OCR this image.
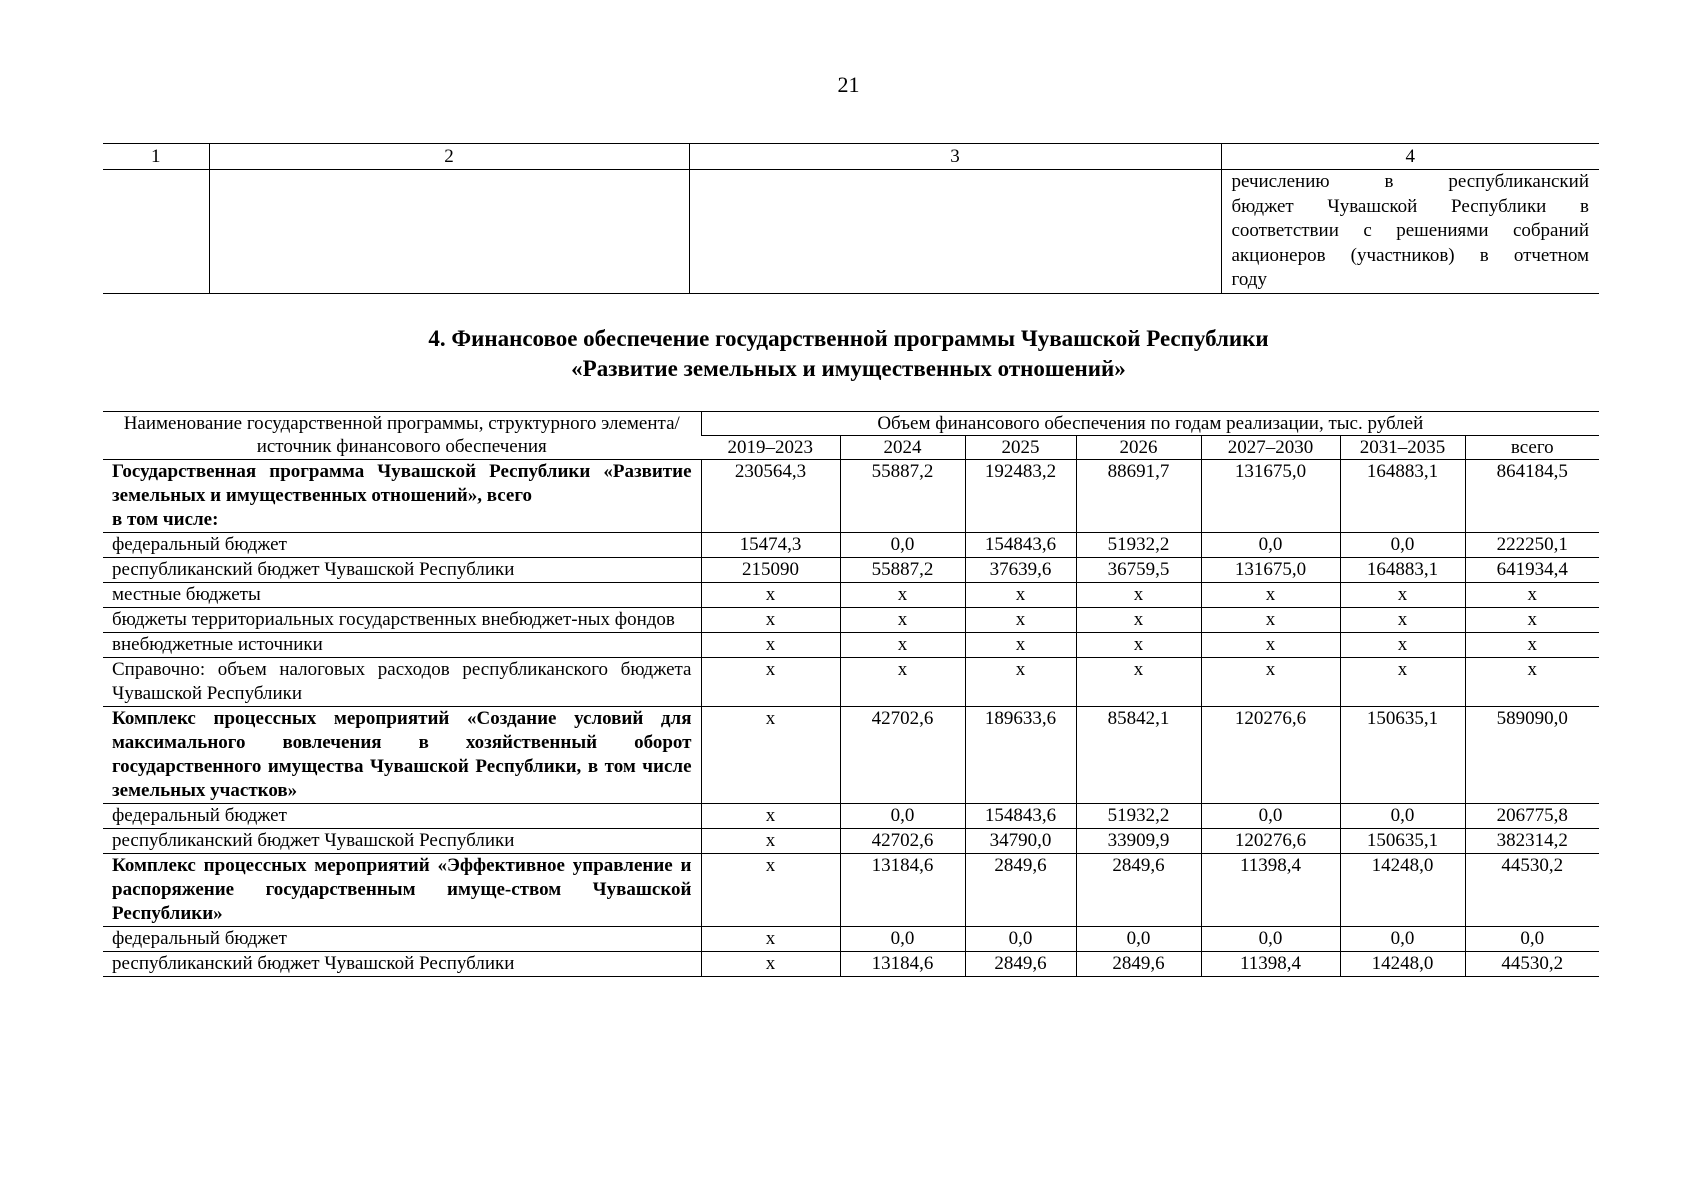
21
1	2	3	4

			речислению в республиканский
бюджет Чувашской Республики в
соответствии с решениями собраний
акционеров (участников) в отчетном
году
4. Финансовое обеспечение государственной программы Чувашской Республики
«Развитие земельных и имущественных отношений»
Наименование государственной программы, структурного элемента/источник финансового обеспечения	Объем финансового обеспечения по годам реализации, тыс. рублей						
	2019–2023	2024	2025	2026	2027–2030	2031–2035	всего
Государственная программа Чувашской Республики «Развитие земельных и имущественных отношений», всего
в том числе:	230564,3	55887,2	192483,2	88691,7	131675,0	164883,1	864184,5
федеральный бюджет	15474,3	0,0	154843,6	51932,2	0,0	0,0	222250,1
республиканский бюджет Чувашской Республики	215090	55887,2	37639,6	36759,5	131675,0	164883,1	641934,4
местные бюджеты	x	x	x	x	x	x	x
бюджеты территориальных государственных внебюджет-ных фондов	x	x	x	x	x	x	x
внебюджетные источники	x	x	x	x	x	x	x
Справочно: объем налоговых расходов республиканского бюджета Чувашской Республики	x	x	x	x	x	x	x
Комплекс процессных мероприятий «Создание условий для максимального вовлечения в хозяйственный оборот государственного имущества Чувашской Республики, в том числе земельных участков»	x	42702,6	189633,6	85842,1	120276,6	150635,1	589090,0
федеральный бюджет	x	0,0	154843,6	51932,2	0,0	0,0	206775,8
республиканский бюджет Чувашской Республики	x	42702,6	34790,0	33909,9	120276,6	150635,1	382314,2
Комплекс процессных мероприятий «Эффективное управление и распоряжение государственным имуще-ством Чувашской Республики»	x	13184,6	2849,6	2849,6	11398,4	14248,0	44530,2
федеральный бюджет	x	0,0	0,0	0,0	0,0	0,0	0,0
республиканский бюджет Чувашской Республики	x	13184,6	2849,6	2849,6	11398,4	14248,0	44530,2
